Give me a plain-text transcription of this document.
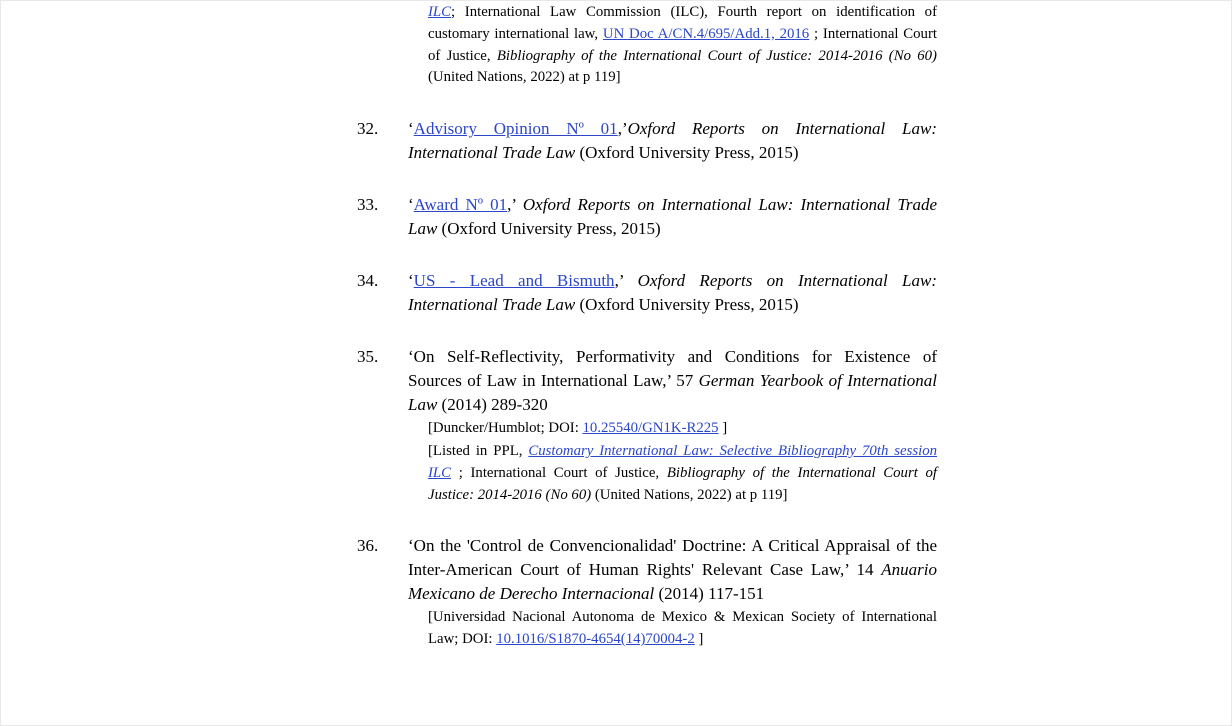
ILC; International Law Commission (ILC), Fourth report on identification of customary international law, UN Doc A/CN.4/695/Add.1, 2016 ; International Court of Justice, Bibliography of the International Court of Justice: 2014-2016 (No 60) (United Nations, 2022) at p 119]
32.	‘Advisory Opinion Nº 01,’Oxford Reports on International Law: International Trade Law (Oxford University Press, 2015)
33.	‘Award Nº 01,’ Oxford Reports on International Law: International Trade Law (Oxford University Press, 2015)
34.	‘US - Lead and Bismuth,’ Oxford Reports on International Law: International Trade Law (Oxford University Press, 2015)
35.	‘On Self-Reflectivity, Performativity and Conditions for Existence of Sources of Law in International Law,’ 57 German Yearbook of International Law (2014) 289-320
[Duncker/Humblot; DOI: 10.25540/GN1K-R225 ]
[Listed in PPL, Customary International Law: Selective Bibliography 70th session ILC ; International Court of Justice, Bibliography of the International Court of Justice: 2014-2016 (No 60) (United Nations, 2022) at p 119]
36.	‘On the 'Control de Convencionalidad' Doctrine: A Critical Appraisal of the Inter-American Court of Human Rights' Relevant Case Law,’ 14 Anuario Mexicano de Derecho Internacional (2014) 117-151
[Universidad Nacional Autonoma de Mexico & Mexican Society of International Law; DOI: 10.1016/S1870-4654(14)70004-2 ]
